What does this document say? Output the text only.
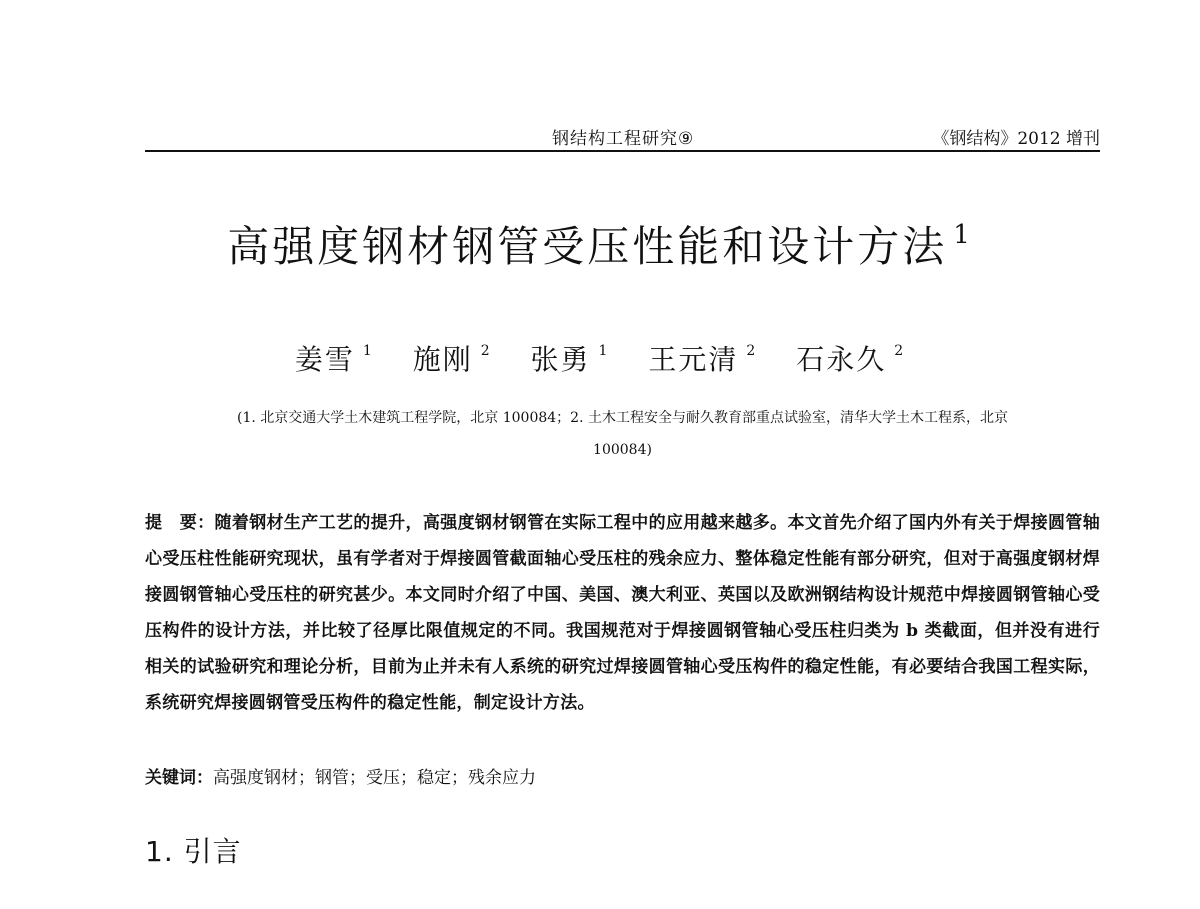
钢结构工程研究⑨	《钢结构》2012 增刊
高强度钢材钢管受压性能和设计方法 $^1$
姜雪 $^1$ 施刚 $^2$ 张勇 $^1$ 王元清 $^2$ 石永久 $^2$
(1. 北京交通大学土木建筑工程学院，北京 100084；2. 土木工程安全与耐久教育部重点试验室，清华大学土木工程系，北京
100084)
提　要：随着钢材生产工艺的提升，高强度钢材钢管在实际工程中的应用越来越多。本文首先介绍了国内外有关于焊接圆管轴心受压柱性能研究现状，虽有学者对于焊接圆管截面轴心受压柱的残余应力、整体稳定性能有部分研究，但对于高强度钢材焊接圆钢管轴心受压柱的研究甚少。本文同时介绍了中国、美国、澳大利亚、英国以及欧洲钢结构设计规范中焊接圆钢管轴心受压构件的设计方法，并比较了径厚比限值规定的不同。我国规范对于焊接圆钢管轴心受压柱归类为 b 类截面，但并没有进行相关的试验研究和理论分析，目前为止并未有人系统的研究过焊接圆管轴心受压构件的稳定性能，有必要结合我国工程实际，系统研究焊接圆钢管受压构件的稳定性能，制定设计方法。
关键词：高强度钢材；钢管；受压；稳定；残余应力
1. 引言
